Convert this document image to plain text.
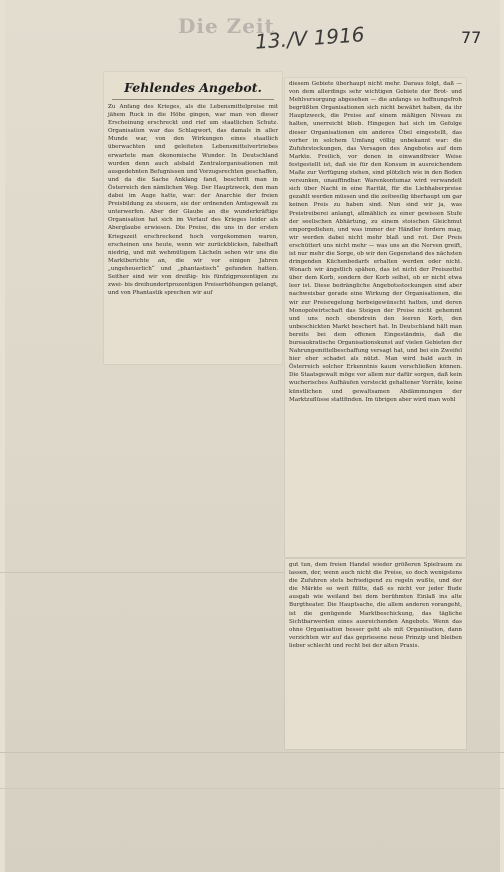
Die Zeit
13./V 1916	77
Fehlendes Angebot.
Zu Anfang des Krieges, als die Lebensmittelpreise mit jähem Ruck in die Höhe gingen, war man von dieser Erscheinung erschreckt und rief um staatlichen Schutz. Organisation war das Schlagwort, das damals in aller Munde war, von den Wirkungen eines staatlich überwachten und geleiteten Lebensmittelvertriebes erwartete man ökonomische Wunder. In Deutschland wurden denn auch alsbald Zentralorganisationen mit ausgedehnten Befugnissen und Vorzugsrechten geschaffen, und da die Sache Anklang fand, beschritt man in Österreich den nämlichen Weg. Der Hauptzweck, den man dabei im Auge hatte, war: der Anarchie der freien Preisbildung zu steuern, sie der ordnenden Amtsgewalt zu unterwerfen. Aber der Glaube an die wunderkräftige Organisation hat sich im Verlauf des Krieges leider als Aberglaube erwiesen. Die Preise, die uns in der ersten Kriegszeit erschreckend hoch vorgekommen waren, erscheinen uns heute, wenn wir zurückblicken, fabelhaft niedrig, und mit wehmütigem Lächeln sehen wir uns die Marktberichte an, die wir vor einigen Jahren „ungeheuerlich“ und „phantastisch“ gefunden hatten. Seither sind wir von dreißig- bis fünfzigprozentigen zu zwei- bis dreihundertprozentigen Preiserhöhungen gelangt, und von Phantastik sprechen wir auf
diesem Gebiete überhaupt nicht mehr. Daraus folgt, daß — von dem allerdings sehr wichtigen Gebiete der Brot- und Mehlversorgung abgesehen — die anfangs so hoffnungsfroh begrüßten Organisationen sich nicht bewährt haben, da ihr Hauptzweck, die Preise auf einem mäßigen Niveau zu halten, unerreicht blieb. Hingegen hat sich im Gefolge dieser Organisationen ein anderes Übel eingestellt, das vorher in solchem Umfang völlig unbekannt war: die Zufuhrstockungen, das Versagen des Angebotes auf dem Markte. Freilich, vor denen in einwandfreier Weise festgestellt ist, daß sie für den Konsum in ausreichendem Maße zur Verfügung stehen, sind plötzlich wie in den Boden versunken, unauffindbar. Warenkontumaz wird verwandelt sich über Nacht in eine Rarität, für die Liebhaberpreise gezahlt werden müssen und die zeitweilig überhaupt um gar keinen Preis zu haben sind. Nun sind wir ja, was Preistreiberei anlangt, allmählich zu einer gewissen Stufe der seelischen Abhärtung, zu einem stoischen Gleichmut emporgediehen, und was immer der Händler fordern mag, wir werden dabei nicht mehr blaß und rot. Der Preis erschüttert uns nicht mehr — was uns an die Nerven greift, ist nur mehr die Sorge, ob wir den Gegenstand des nächsten dringenden Küchenbedarfs erhalten werden oder nicht. Wonach wir ängstlich spähen, das ist nicht der Preiszettel über dem Korb, sondern der Korb selbst, ob er nicht etwa leer ist. Diese bedrängliche Angebotsstockungen sind aber nachweisbar gerade eine Wirkung der Organisationen, die wir zur Preisregelung herbeigewünscht hatten, und deren Monopolwirtschaft das Steigen der Preise nicht gehemmt und uns noch obendrein den leeren Korb, den unbeschickten Markt beschert hat. In Deutschland hält man bereits bei dem offenen Eingeständnis, daß die bureaukratische Organisationskunst auf vielen Gebieten der Nahrungsmittelbeschaffung versagt hat, und bei ein Zweifel hier eher schadet als nützt. Man wird bald auch in Österreich solcher Erkenntnis kaum verschließen können. Die Staatsgewalt möge vor allem nur dafür sorgen, daß kein wucherisches Aufhäufen versteckt gehaltener Vorräte, keine künstlichen und gewaltsamen Abdämmungen der Marktzuflüsse stattfinden. Im übrigen aber wird man wohl
gut tun, dem freien Handel wieder größeren Spielraum zu lassen, der, wenn auch nicht die Preise, so doch wenigstens die Zufuhren stets befriedigend zu regeln wußte, und der die Märkte so weit füllte, daß es nicht vor jeder Bude ausgab wie weiland bei dem berühmten Einlaß ins alte Burgtheater. Die Hauptsache, die allem anderen vorangeht, ist die genügende Marktbeschickung, das tägliche Sichtbarwerden eines ausreichenden Angebots. Wenn das ohne Organisation besser geht als mit Organisation, dann verzichten wir auf das gepriesene neue Prinzip und bleiben lieber schlecht und recht bei der alten Praxis.
